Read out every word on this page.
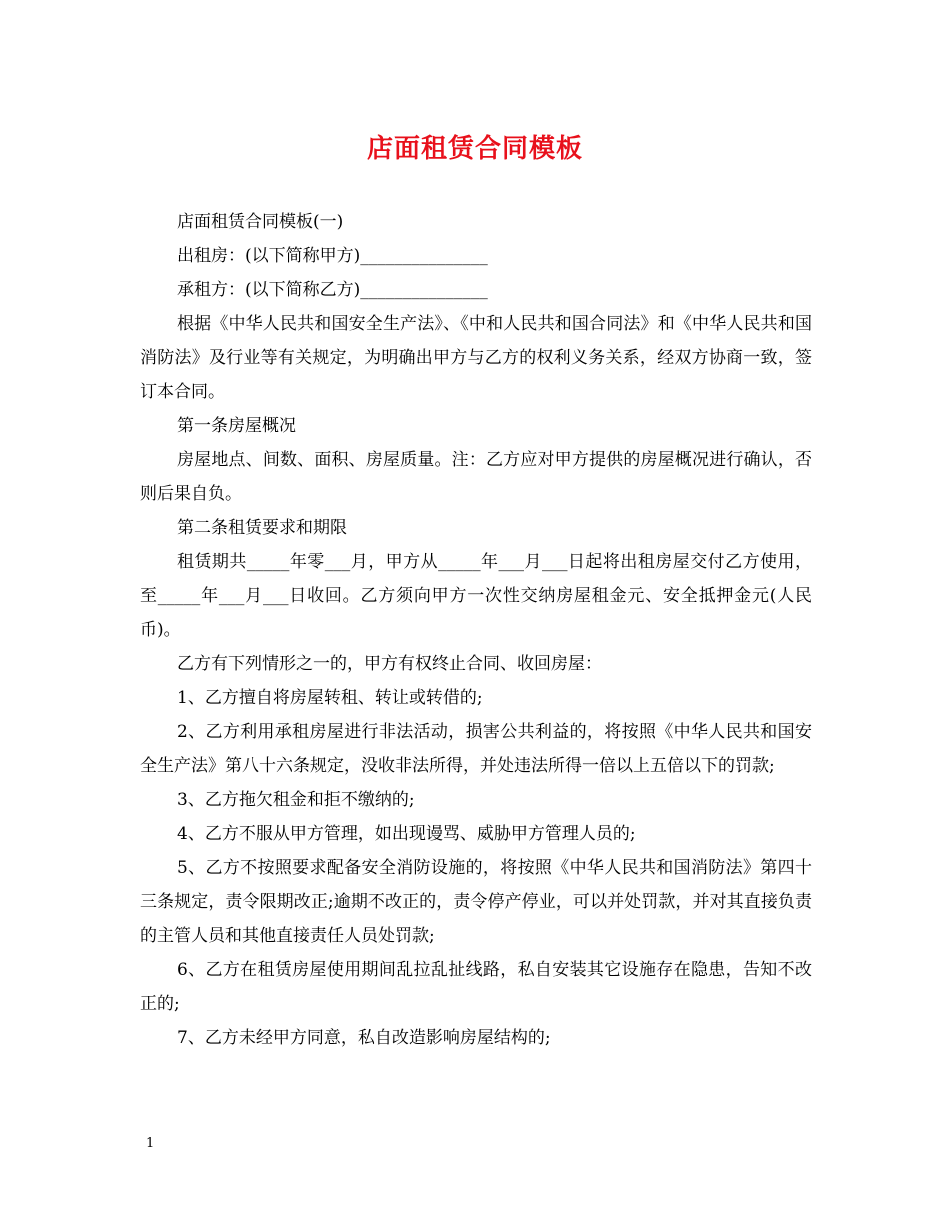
店面租赁合同模板

店面租赁合同模板(一)

出租房：(以下简称甲方)_______________

承租方：(以下简称乙方)_______________

根据《中华人民共和国安全生产法》、《中和人民共和国合同法》和《中华人民共和国消防法》及行业等有关规定，为明确出甲方与乙方的权利义务关系，经双方协商一致，签订本合同。

第一条房屋概况

房屋地点、间数、面积、房屋质量。注：乙方应对甲方提供的房屋概况进行确认，否则后果自负。

第二条租赁要求和期限

租赁期共_____年零___月，甲方从_____年___月___日起将出租房屋交付乙方使用，至_____年___月___日收回。乙方须向甲方一次性交纳房屋租金元、安全抵押金元(人民币)。

乙方有下列情形之一的，甲方有权终止合同、收回房屋：

1、乙方擅自将房屋转租、转让或转借的;

2、乙方利用承租房屋进行非法活动，损害公共利益的，将按照《中华人民共和国安全生产法》第八十六条规定，没收非法所得，并处违法所得一倍以上五倍以下的罚款;

3、乙方拖欠租金和拒不缴纳的;

4、乙方不服从甲方管理，如出现谩骂、威胁甲方管理人员的;

5、乙方不按照要求配备安全消防设施的，将按照《中华人民共和国消防法》第四十三条规定，责令限期改正;逾期不改正的，责令停产停业，可以并处罚款，并对其直接负责的主管人员和其他直接责任人员处罚款;

6、乙方在租赁房屋使用期间乱拉乱扯线路，私自安装其它设施存在隐患，告知不改正的;

7、乙方未经甲方同意，私自改造影响房屋结构的;

1
